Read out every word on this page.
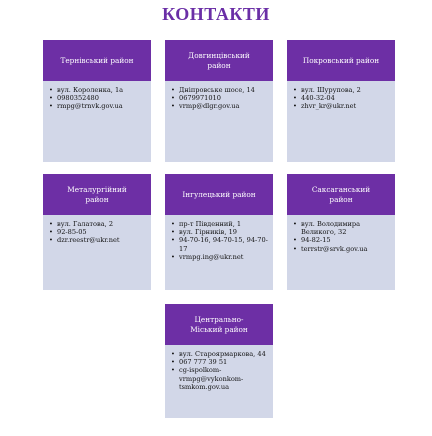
КОНТАКТИ
Тернівський район
• вул. Короленка, 1а
• 0980352480
• rmpg@trnvk.gov.ua
Довгинцівський район
• Дніпровське шосе, 14
• 0679971010
• vrmp@dlgr.gov.ua
Покровський район
• вул. Шурупова, 2
• 440-32-04
• zhvr_kr@ukr.net
Металургійний район
• вул. Галатова, 2
• 92-85-05
• dzr.reestr@ukr.net
Інгулецький район
• пр-т Південний, 1
• вул. Гірників, 19
• 94-70-16, 94-70-15, 94-70-17
• vrmpg.ing@ukr.net
Саксаганський район
• вул. Володимира Великого, 32
• 94-82-15
• terrstr@srvk.gov.ua
Центрально-Міський район
• вул. Староярмаркова, 44
• 067 777 39 51
• cg-ispolkom-vrmpg@vykonkom-tsmkom.gov.ua
